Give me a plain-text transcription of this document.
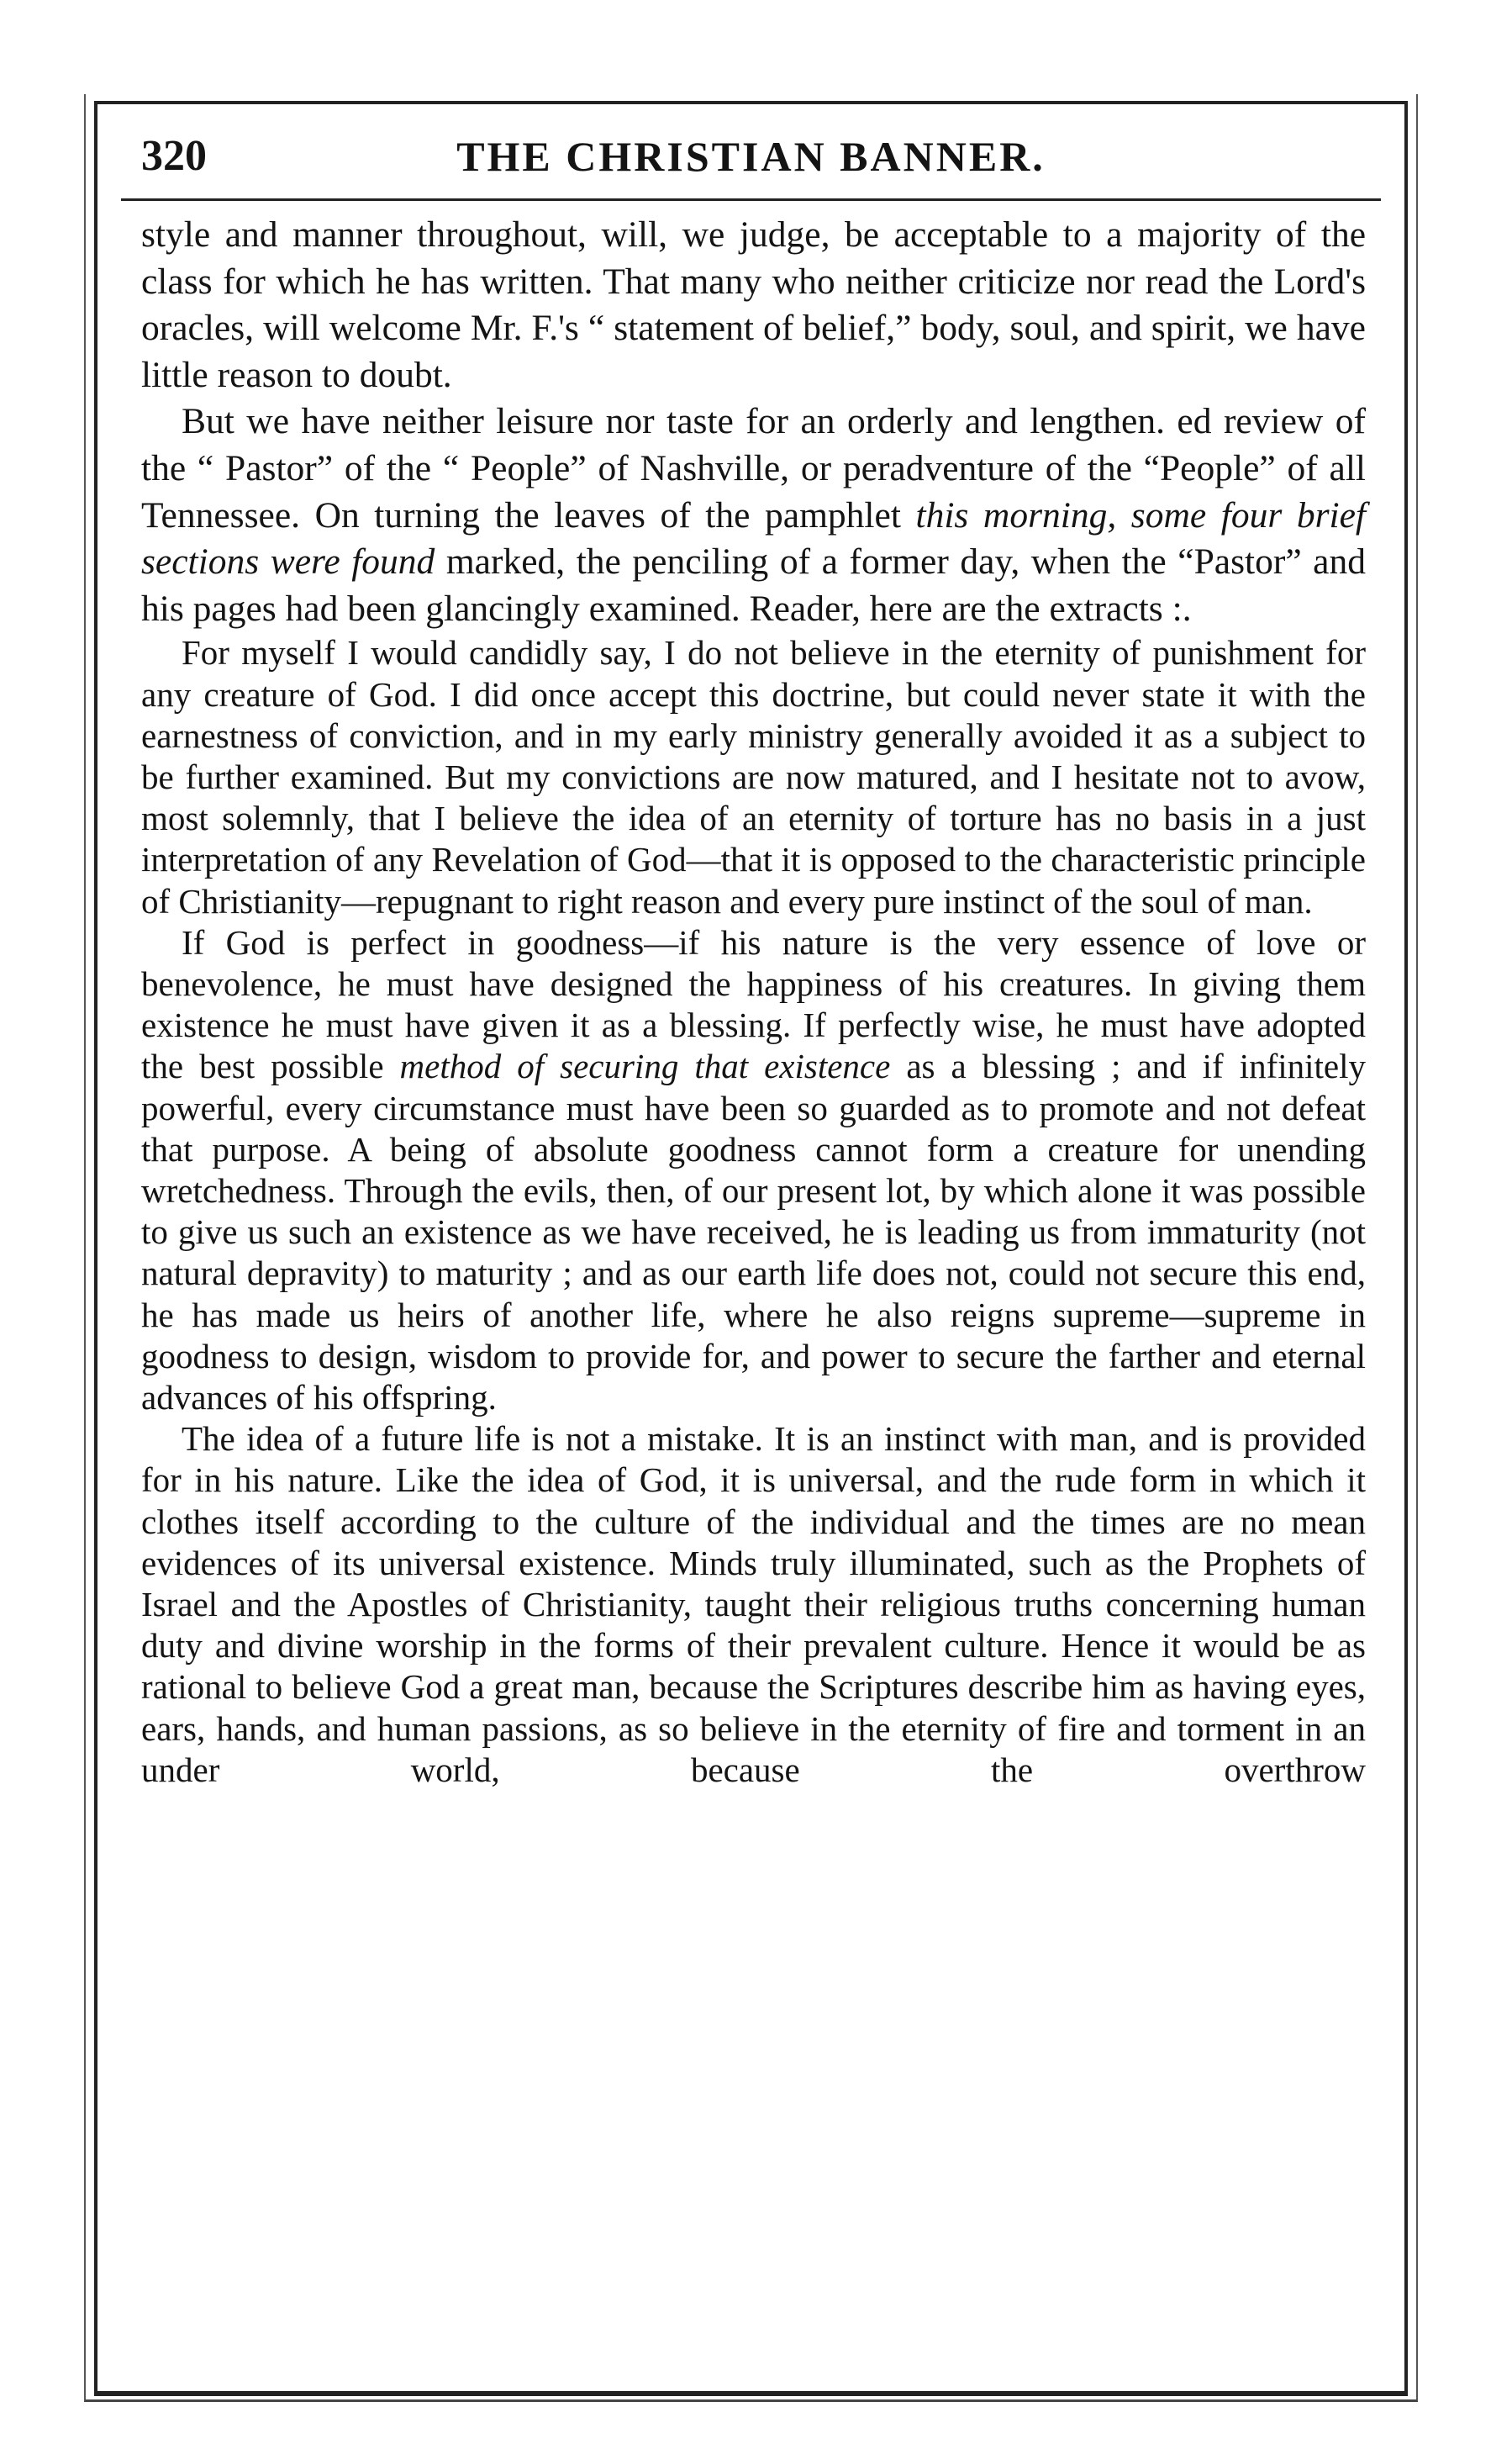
320	THE CHRISTIAN BANNER.

style and manner throughout, will, we judge, be acceptable to a majority of the class for which he has written. That many who neither criticize nor read the Lord's oracles, will welcome Mr. F.'s “ statement of belief,” body, soul, and spirit, we have little reason to doubt.

But we have neither leisure nor taste for an orderly and lengthen. ed review of the “ Pastor” of the “ People” of Nashville, or peradventure of the “People” of all Tennessee. On turning the leaves of the pamphlet this morning, some four brief sections were found marked, the penciling of a former day, when the “Pastor” and his pages had been glancingly examined. Reader, here are the extracts :.

For myself I would candidly say, I do not believe in the eternity of punishment for any creature of God. I did once accept this doctrine, but could never state it with the earnestness of conviction, and in my early ministry generally avoided it as a subject to be further examined. But my convictions are now matured, and I hesitate not to avow, most solemnly, that I believe the idea of an eternity of torture has no basis in a just interpretation of any Revelation of God—that it is opposed to the characteristic principle of Christianity—repugnant to right reason and every pure instinct of the soul of man.

If God is perfect in goodness—if his nature is the very essence of love or benevolence, he must have designed the happiness of his creatures. In giving them existence he must have given it as a blessing. If perfectly wise, he must have adopted the best possible method of securing that existence as a blessing ; and if infinitely powerful, every circumstance must have been so guarded as to promote and not defeat that purpose. A being of absolute goodness cannot form a creature for unending wretchedness. Through the evils, then, of our present lot, by which alone it was possible to give us such an existence as we have received, he is leading us from immaturity (not natural depravity) to maturity ; and as our earth life does not, could not secure this end, he has made us heirs of another life, where he also reigns supreme—supreme in goodness to design, wisdom to provide for, and power to secure the farther and eternal advances of his offspring.

The idea of a future life is not a mistake. It is an instinct with man, and is provided for in his nature. Like the idea of God, it is universal, and the rude form in which it clothes itself according to the culture of the individual and the times are no mean evidences of its universal existence. Minds truly illuminated, such as the Prophets of Israel and the Apostles of Christianity, taught their religious truths concerning human duty and divine worship in the forms of their prevalent culture. Hence it would be as rational to believe God a great man, because the Scriptures describe him as having eyes, ears, hands, and human passions, as so believe in the eternity of fire and torment in an under world, because the overthrow
